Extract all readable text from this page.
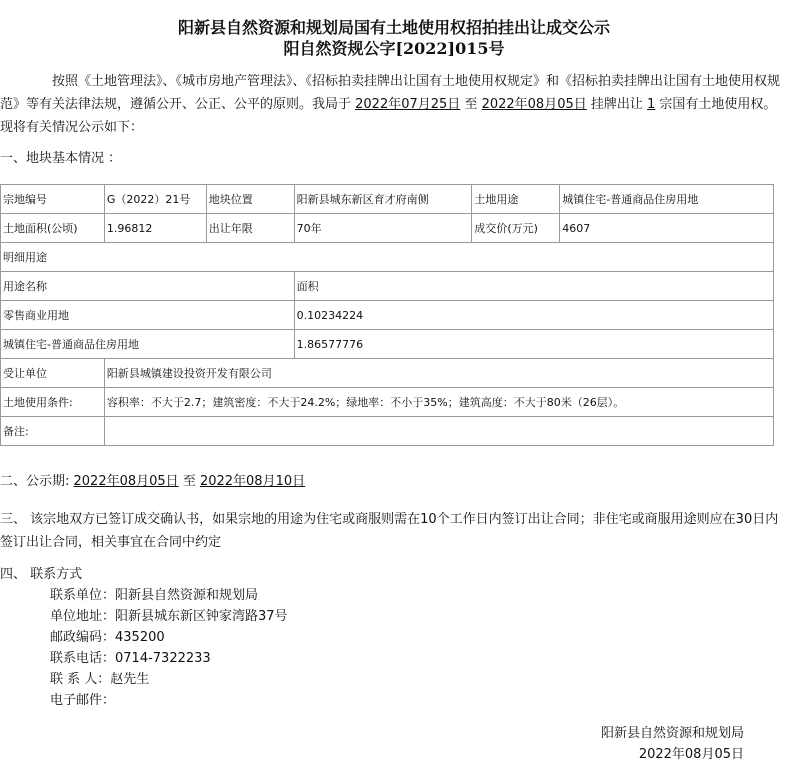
阳新县自然资源和规划局国有土地使用权招拍挂出让成交公示
阳自然资规公字[2022]015号

按照《土地管理法》、《城市房地产管理法》、《招标拍卖挂牌出让国有土地使用权规定》和《招标拍卖挂牌出让国有土地使用权规范》等有关法律法规，遵循公开、公正、公平的原则。我局于 2022年07月25日 至 2022年08月05日 挂牌出让 1 宗国有土地使用权。现将有关情况公示如下：

一、地块基本情况 ：
宗地编号	G（2022）21号	地块位置	阳新县城东新区育才府南侧	土地用途	城镇住宅-普通商品住房用地
土地面积(公顷)	1.96812	出让年限	70年	成交价(万元)	4607
明细用途					
用途名称			面积		
零售商业用地			0.10234224		
城镇住宅-普通商品住房用地			1.86577776		
受让单位	阳新县城镇建设投资开发有限公司				
土地使用条件:	容积率：不大于2.7；建筑密度：不大于24.2%；绿地率：不小于35%；建筑高度：不大于80米（26层）。				
备注:					
二、公示期: 2022年08月05日 至 2022年08月10日

三、 该宗地双方已签订成交确认书，如果宗地的用途为住宅或商服则需在10个工作日内签订出让合同；非住宅或商服用途则应在30日内签订出让合同，相关事宜在合同中约定

四、 联系方式
联系单位：阳新县自然资源和规划局
单位地址：阳新县城东新区钟家湾路37号
邮政编码：435200
联系电话：0714-7322233
联 系 人：赵先生
电子邮件：
阳新县自然资源和规划局
2022年08月05日
